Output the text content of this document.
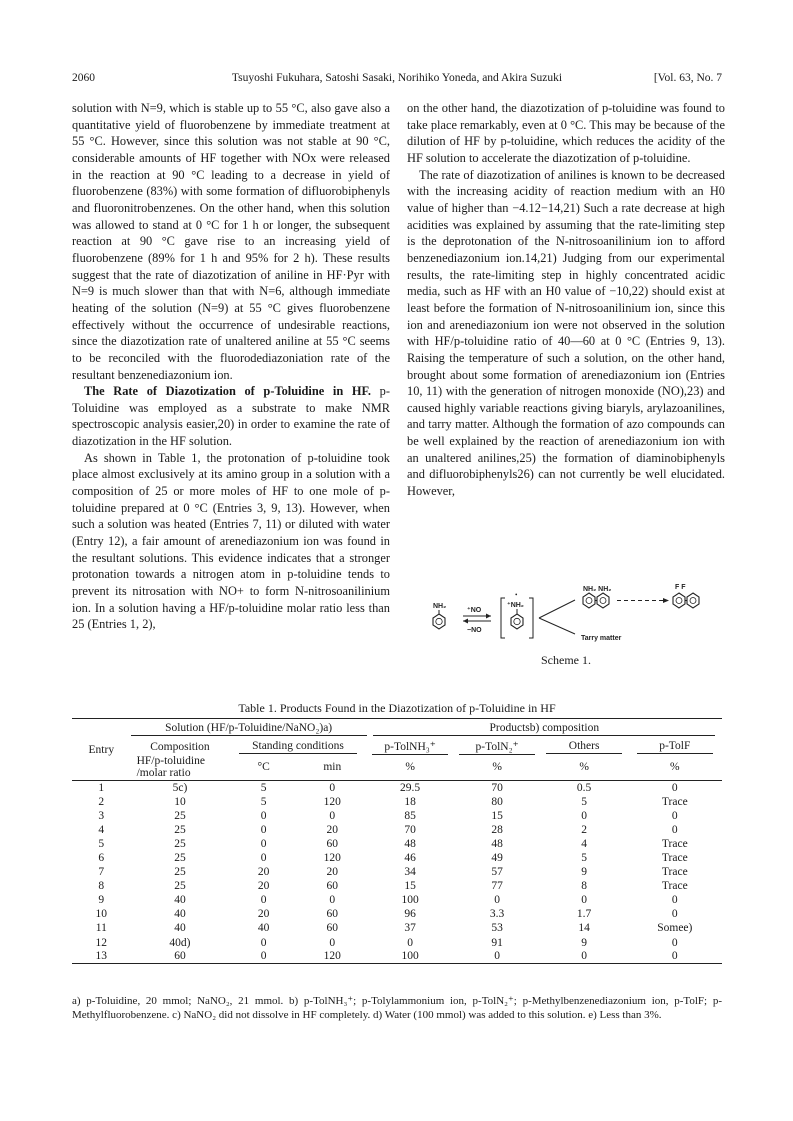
2060	Tsuyoshi Fukuhara, Satoshi Sasaki, Norihiko Yoneda, and Akira Suzuki	[Vol. 63, No. 7

solution with N=9, which is stable up to 55 °C, also gave also a quantitative yield of fluorobenzene by immediate treatment at 55 °C. However, since this solution was not stable at 90 °C, considerable amounts of HF together with NOx were released in the reaction at 90 °C leading to a decrease in yield of fluorobenzene (83%) with some formation of difluorobiphenyls and fluoronitrobenzenes. On the other hand, when this solution was allowed to stand at 0 °C for 1 h or longer, the subsequent reaction at 90 °C gave rise to an increasing yield of fluorobenzene (89% for 1 h and 95% for 2 h). These results suggest that the rate of diazotization of aniline in HF·Pyr with N=9 is much slower than that with N=6, although immediate heating of the solution (N=9) at 55 °C gives fluorobenzene effectively without the occurrence of undesirable reactions, since the diazotization rate of unaltered aniline at 55 °C seems to be reconciled with the fluorodediazoniation rate of the resultant benzenediazonium ion.

The Rate of Diazotization of p-Toluidine in HF. p-Toluidine was employed as a substrate to make NMR spectroscopic analysis easier,20) in order to examine the rate of diazotization in the HF solution.

As shown in Table 1, the protonation of p-toluidine took place almost exclusively at its amino group in a solution with a composition of 25 or more moles of HF to one mole of p-toluidine prepared at 0 °C (Entries 3, 9, 13). However, when such a solution was heated (Entries 7, 11) or diluted with water (Entry 12), a fair amount of arenediazonium ion was found in the resultant solutions. This evidence indicates that a stronger protonation towards a nitrogen atom in p-toluidine tends to prevent its nitrosation with NO+ to form N-nitrosoanilinium ion. In a solution having a HF/p-toluidine molar ratio less than 25 (Entries 1, 2),

on the other hand, the diazotization of p-toluidine was found to take place remarkably, even at 0 °C. This may be because of the dilution of HF by p-toluidine, which reduces the acidity of the HF solution to accelerate the diazotization of p-toluidine.

The rate of diazotization of anilines is known to be decreased with the increasing acidity of reaction medium with an H0 value of higher than −4.12−14,21) Such a rate decrease at high acidities was explained by assuming that the rate-limiting step is the deprotonation of the N-nitrosoanilinium ion to afford benzenediazonium ion.14,21) Judging from our experimental results, the rate-limiting step in highly concentrated acidic media, such as HF with an H0 value of −10,22) should exist at least before the formation of N-nitrosoanilinium ion, since this ion and arenediazonium ion were not observed in the solution with HF/p-toluidine ratio of 40—60 at 0 °C (Entries 9, 13). Raising the temperature of such a solution, on the other hand, brought about some formation of arenediazonium ion (Entries 10, 11) with the generation of nitrogen monoxide (NO),23) and caused highly variable reactions giving biaryls, arylazoanilines, and tarry matter. Although the formation of azo compounds can be well explained by the reaction of arenediazonium ion with an unaltered anilines,25) the formation of diaminobiphenyls and difluorobiphenyls26) can not currently be well elucidated. However,

NH₂
⁺NO
−NO
•
⁺NH₂
NH₂ NH₂	F F
Tarry matter
Scheme 1.
Table 1. Products Found in the Diazotization of p-Toluidine in HF
Entry	Solution (HF/p-Toluidine/NaNO₂)a)			Productsb) composition			
	Composition	Standing conditions		p-TolNH₃⁺	p-TolN₂⁺	Others	p-TolF
	HF/p-toluidine /molar ratio	°C	min	%	%	%	%
1	5c)	5	0	29.5	70	0.5	0
2	10	5	120	18	80	5	Trace
3	25	0	0	85	15	0	0
4	25	0	20	70	28	2	0
5	25	0	60	48	48	4	Trace
6	25	0	120	46	49	5	Trace
7	25	20	20	34	57	9	Trace
8	25	20	60	15	77	8	Trace
9	40	0	0	100	0	0	0
10	40	20	60	96	3.3	1.7	0
11	40	40	60	37	53	14	Somee)
12	40d)	0	0	0	91	9	0
13	60	0	120	100	0	0	0
a) p-Toluidine, 20 mmol; NaNO₂, 21 mmol. b) p-TolNH₃⁺; p-Tolylammonium ion, p-TolN₂⁺; p-Methylbenzenediazonium ion, p-TolF; p-Methylfluorobenzene. c) NaNO₂ did not dissolve in HF completely. d) Water (100 mmol) was added to this solution. e) Less than 3%.
